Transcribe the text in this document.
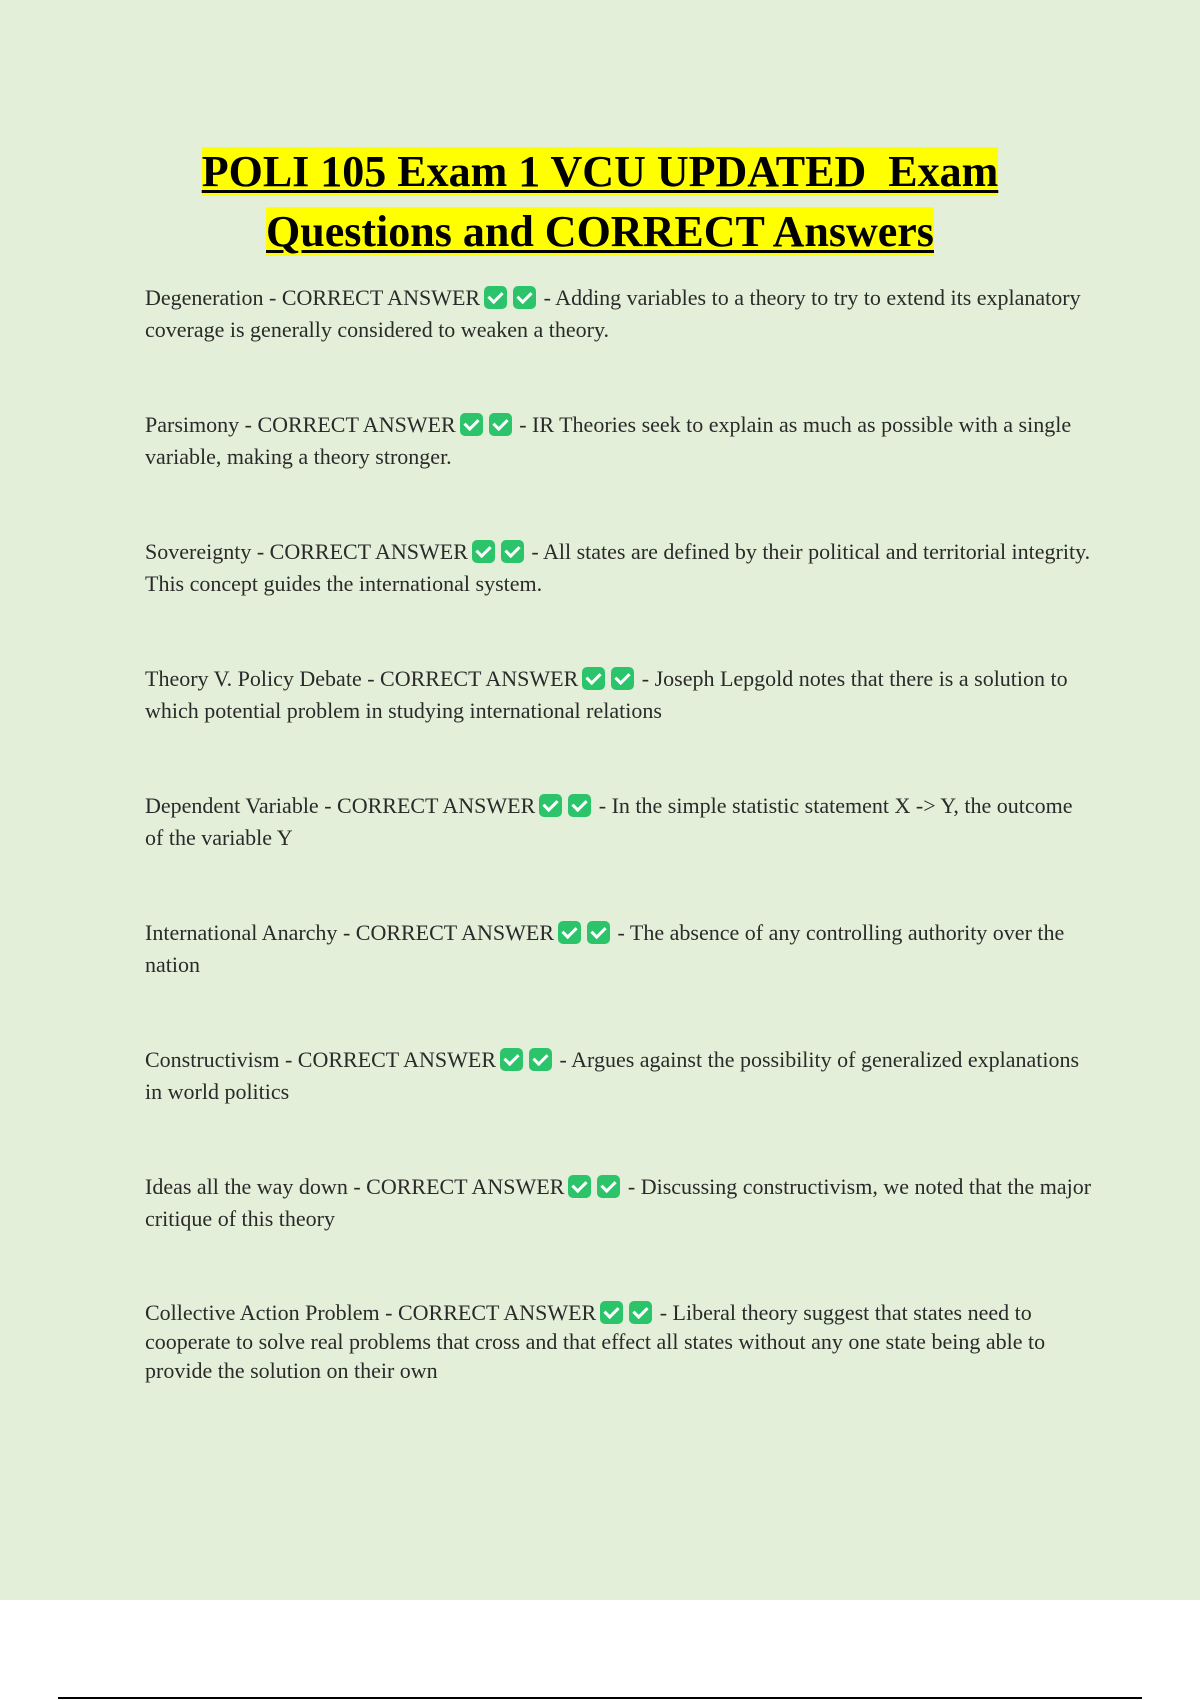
POLI 105 Exam 1 VCU UPDATED  Exam
Questions and CORRECT Answers
Degeneration - CORRECT ANSWER	- Adding variables to a theory to try to extend its explanatory coverage is generally considered to weaken a theory.
Parsimony - CORRECT ANSWER	- IR Theories seek to explain as much as possible with a single variable, making a theory stronger.
Sovereignty - CORRECT ANSWER	- All states are defined by their political and territorial integrity. This concept guides the international system.
Theory V. Policy Debate - CORRECT ANSWER	- Joseph Lepgold notes that there is a solution to which potential problem in studying international relations
Dependent Variable - CORRECT ANSWER	- In the simple statistic statement X -> Y, the outcome of the variable Y
International Anarchy - CORRECT ANSWER	- The absence of any controlling authority over the nation
Constructivism - CORRECT ANSWER	- Argues against the possibility of generalized explanations in world politics
Ideas all the way down - CORRECT ANSWER	- Discussing constructivism, we noted that the major critique of this theory
Collective Action Problem - CORRECT ANSWER	- Liberal theory suggest that states need to cooperate to solve real problems that cross and that effect all states without any one state being able to provide the solution on their own
